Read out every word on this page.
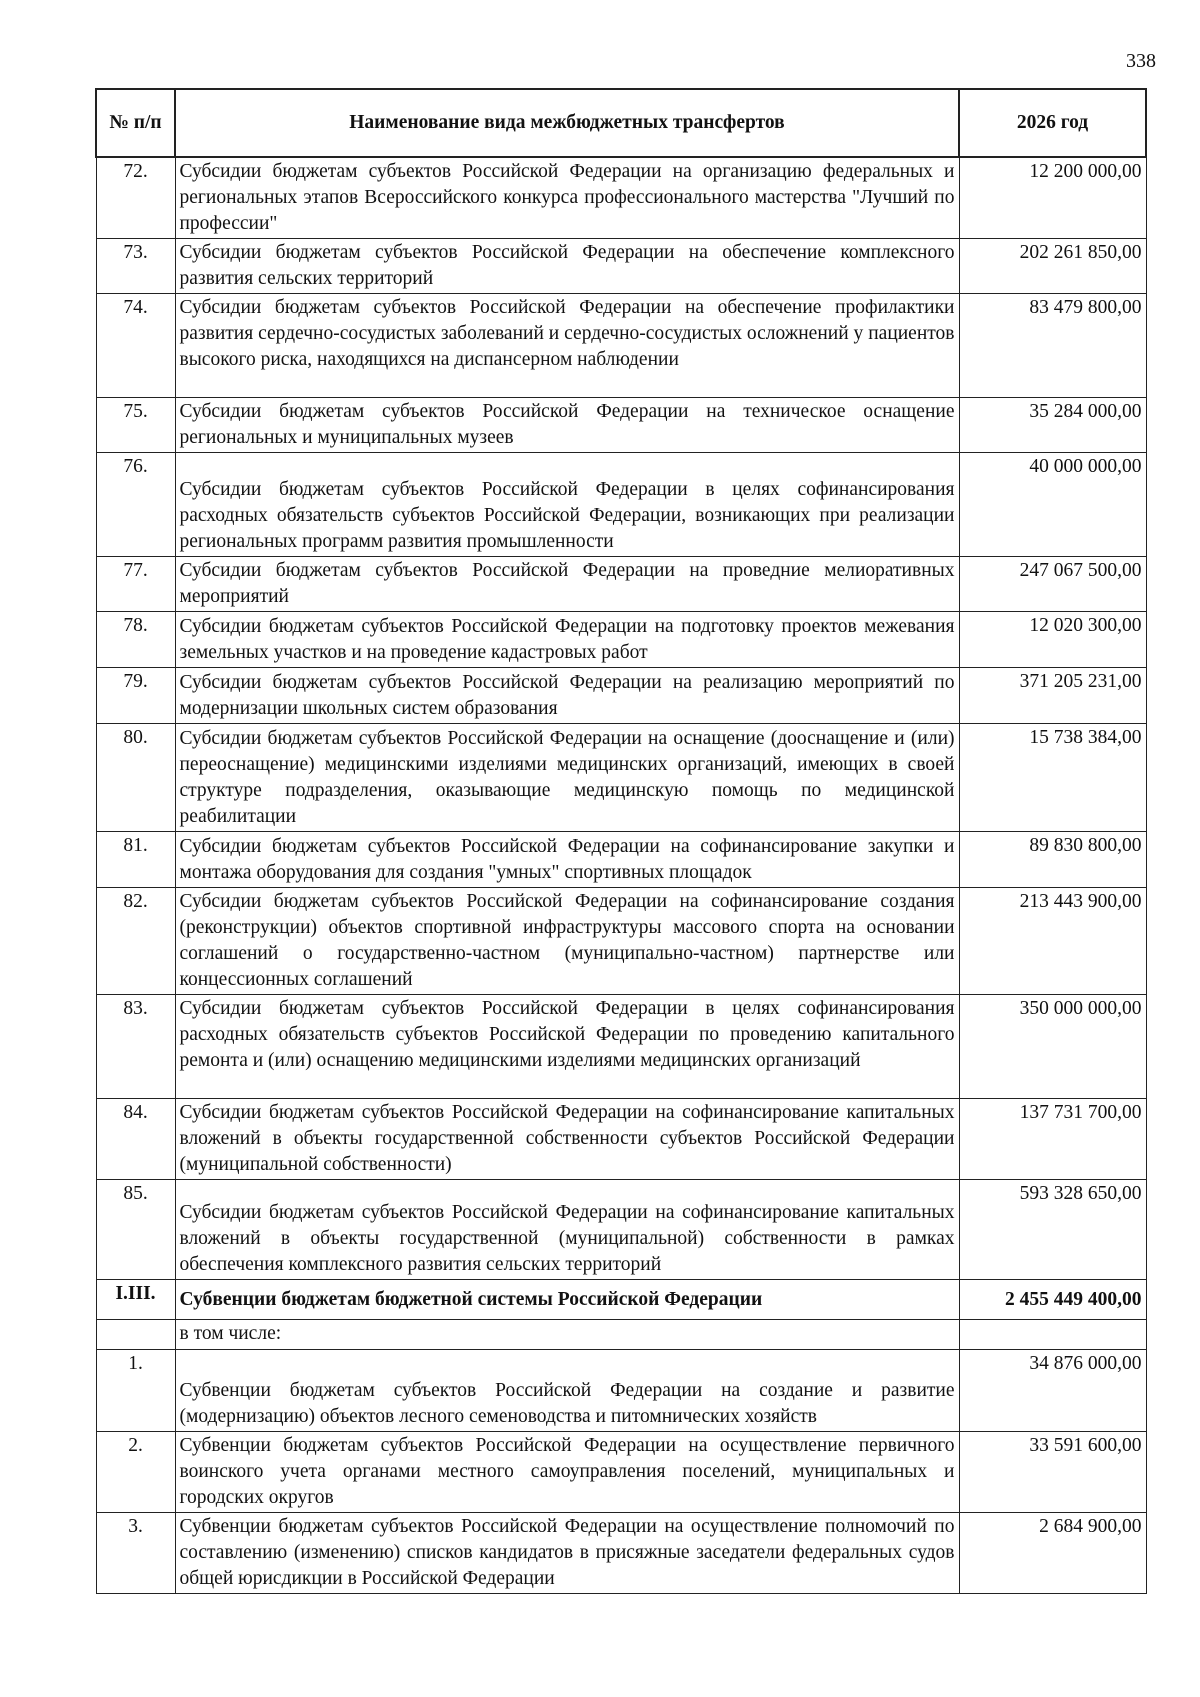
338
№ п/п	Наименование вида межбюджетных трансфертов	2026 год
72.	Субсидии бюджетам субъектов Российской Федерации на организацию федеральных и региональных этапов Всероссийского конкурса профессионального мастерства "Лучший по профессии"	12 200 000,00
73.	Субсидии бюджетам субъектов Российской Федерации на обеспечение комплексного развития сельских территорий	202 261 850,00
74.	Субсидии бюджетам субъектов Российской Федерации на обеспечение профилактики развития сердечно-сосудистых заболеваний и сердечно-сосудистых осложнений у пациентов высокого риска, находящихся на диспансерном наблюдении	83 479 800,00
75.	Субсидии бюджетам субъектов Российской Федерации на техническое оснащение региональных и муниципальных музеев	35 284 000,00
76.	Субсидии бюджетам субъектов Российской Федерации в целях софинансирования расходных обязательств субъектов Российской Федерации, возникающих при реализации региональных программ развития промышленности	40 000 000,00
77.	Субсидии бюджетам субъектов Российской Федерации на проведние мелиоративных мероприятий	247 067 500,00
78.	Субсидии бюджетам субъектов Российской Федерации на подготовку проектов межевания земельных участков и на проведение кадастровых работ	12 020 300,00
79.	Субсидии бюджетам субъектов Российской Федерации на реализацию мероприятий по модернизации школьных систем образования	371 205 231,00
80.	Субсидии бюджетам субъектов Российской Федерации на оснащение (дооснащение и (или) переоснащение) медицинскими изделиями медицинских организаций, имеющих в своей структуре подразделения, оказывающие медицинскую помощь по медицинской реабилитации	15 738 384,00
81.	Субсидии бюджетам субъектов Российской Федерации на софинансирование закупки и монтажа оборудования для создания "умных" спортивных площадок	89 830 800,00
82.	Субсидии бюджетам субъектов Российской Федерации на софинансирование создания (реконструкции) объектов спортивной инфраструктуры массового спорта на основании соглашений о государственно-частном (муниципально-частном) партнерстве или концессионных соглашений	213 443 900,00
83.	Субсидии бюджетам субъектов Российской Федерации в целях софинансирования расходных обязательств субъектов Российской Федерации по проведению капитального ремонта и (или) оснащению медицинскими изделиями медицинских организаций	350 000 000,00
84.	Субсидии бюджетам субъектов Российской Федерации на софинансирование капитальных вложений в объекты государственной собственности субъектов Российской Федерации (муниципальной собственности)	137 731 700,00
85.	Субсидии бюджетам субъектов Российской Федерации на софинансирование капитальных вложений в объекты государственной (муниципальной) собственности в рамках обеспечения комплексного развития сельских территорий	593 328 650,00
I.III.	Субвенции бюджетам бюджетной системы Российской Федерации	2 455 449 400,00
	в том числе:	
1.	Субвенции бюджетам субъектов Российской Федерации на создание и развитие (модернизацию) объектов лесного семеноводства и питомнических хозяйств	34 876 000,00
2.	Субвенции бюджетам субъектов Российской Федерации на осуществление первичного воинского учета органами местного самоуправления поселений, муниципальных и городских округов	33 591 600,00
3.	Субвенции бюджетам субъектов Российской Федерации на осуществление полномочий по составлению (изменению) списков кандидатов в присяжные заседатели федеральных судов общей юрисдикции в Российской Федерации	2 684 900,00
